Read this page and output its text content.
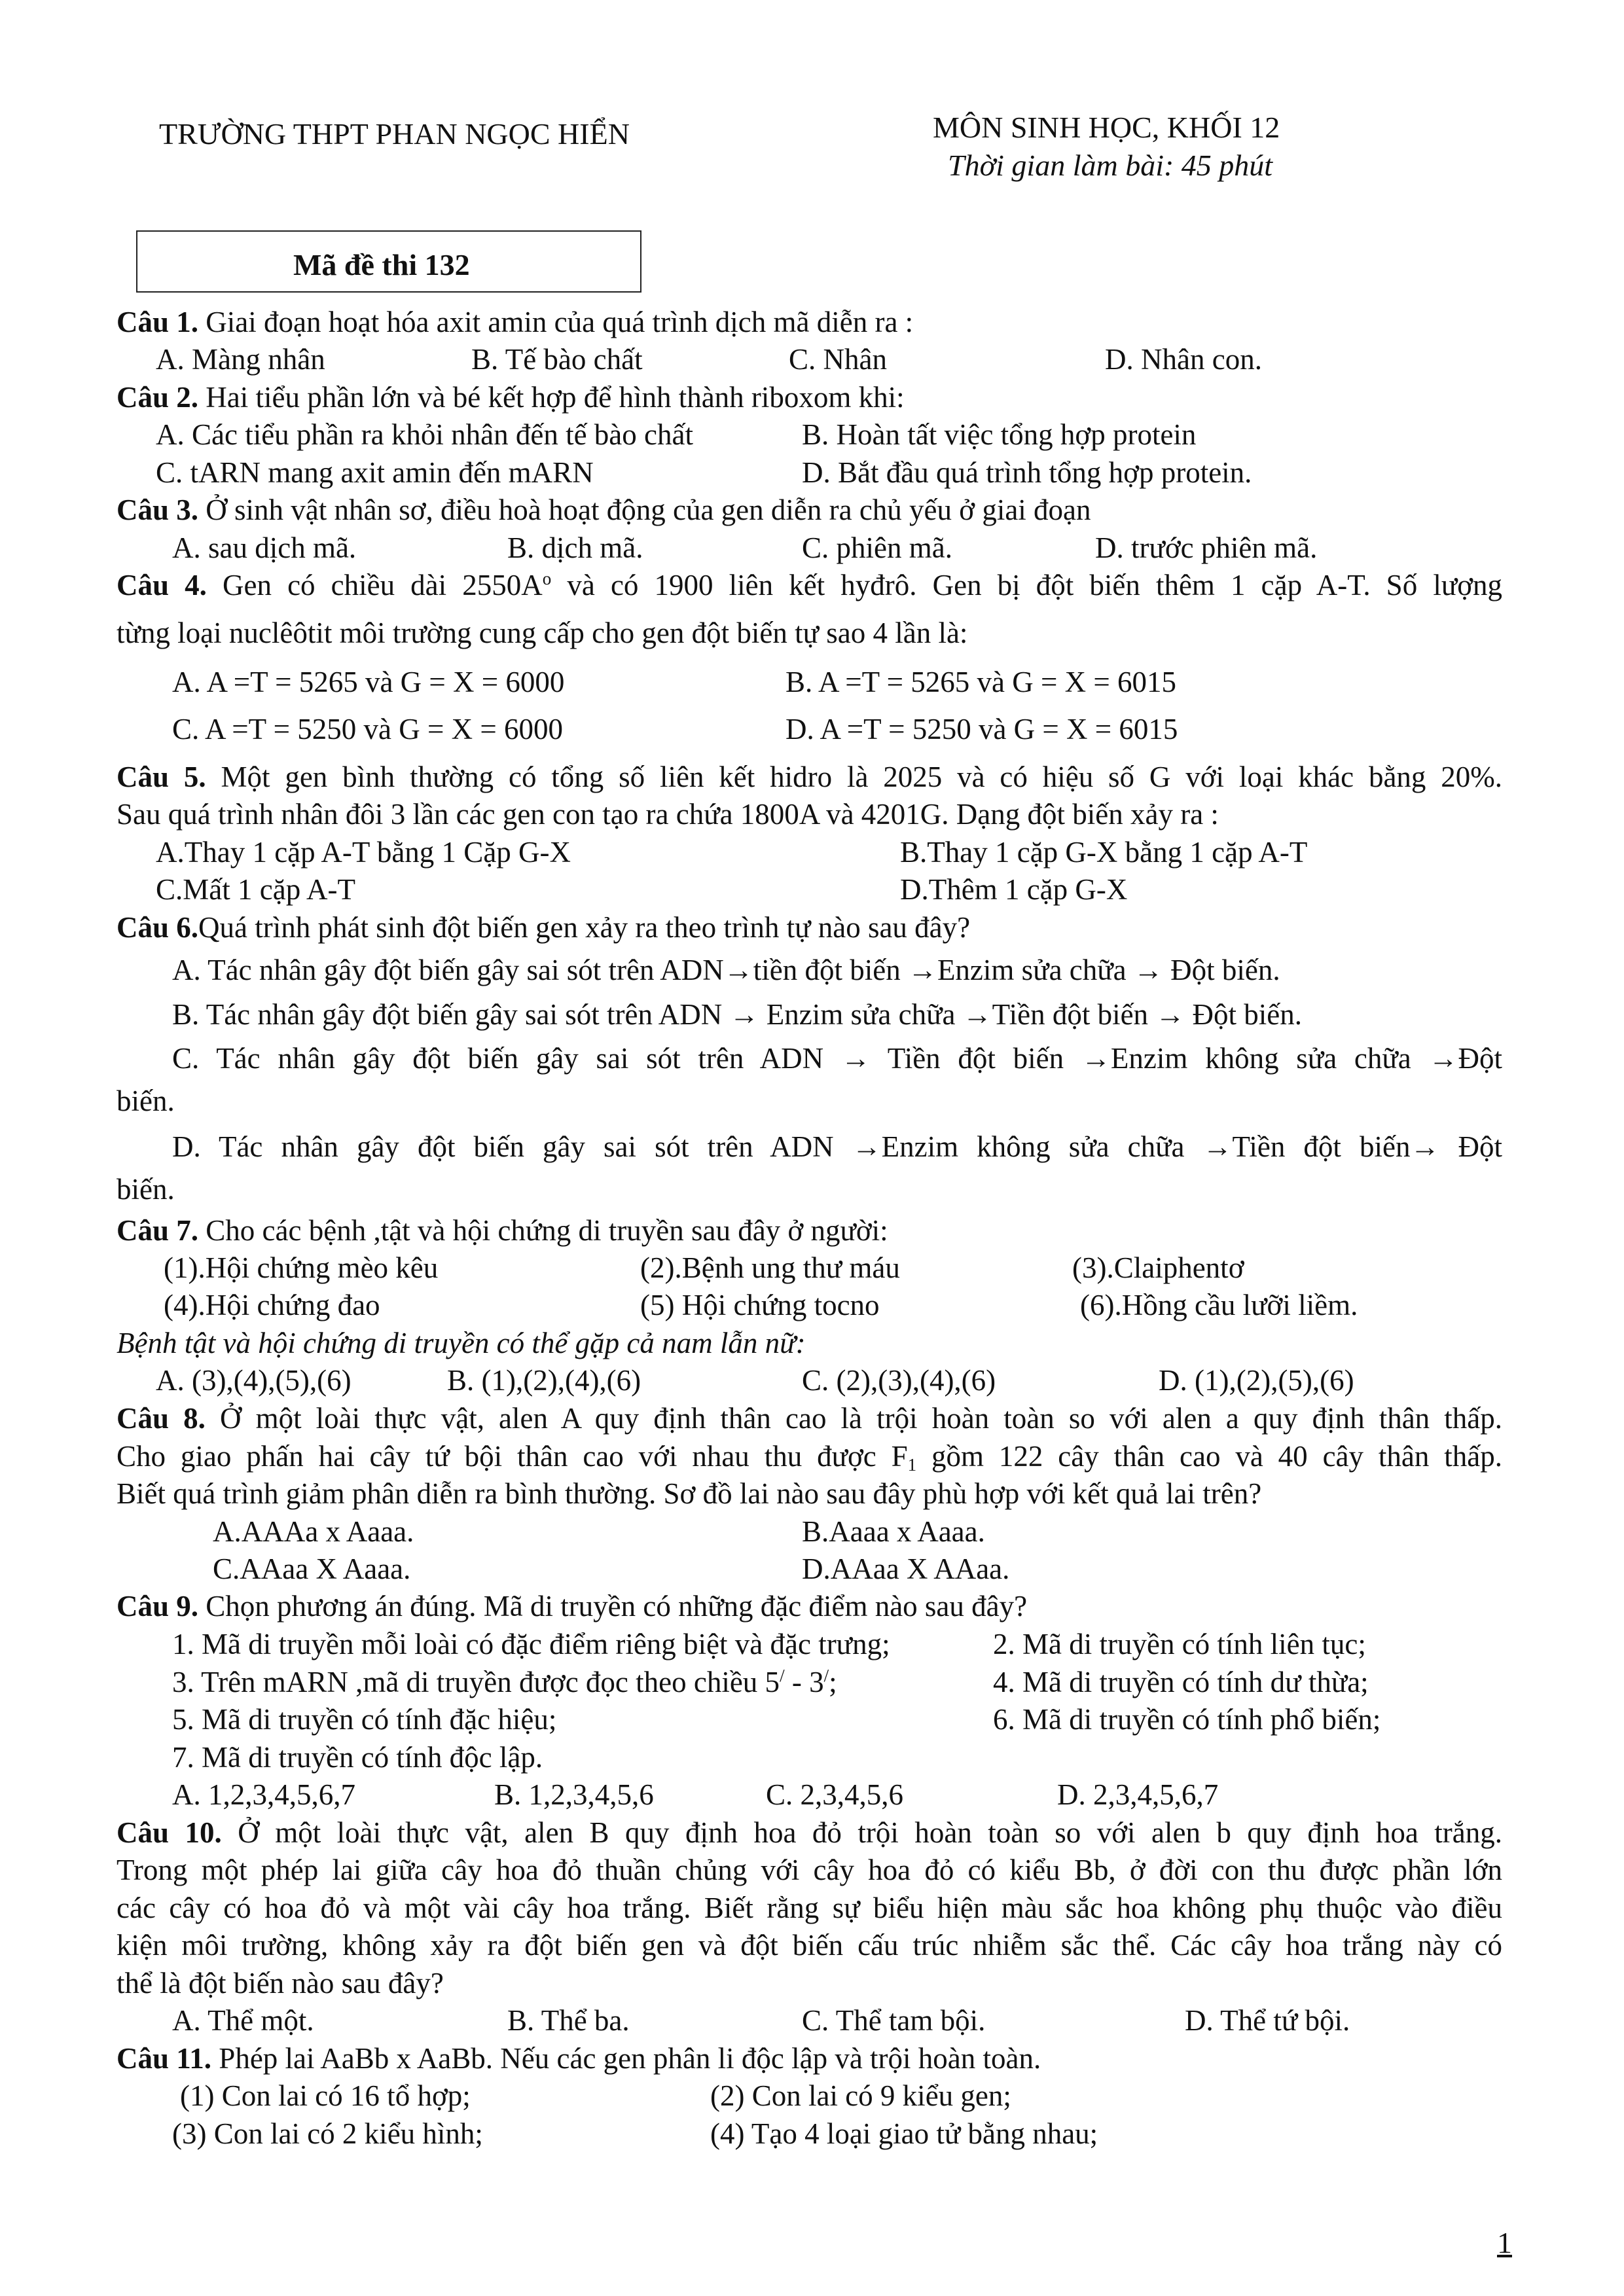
TRƯỜNG THPT PHAN NGỌC HIỂN	MÔN SINH HỌC, KHỐI 12
Thời gian làm bài: 45 phút
Mã đề thi 132
Câu 1. Giai đoạn hoạt hóa axit amin của quá trình dịch mã diễn ra :
A. Màng nhân	B. Tế bào chất	C. Nhân	D. Nhân con.
Câu 2. Hai tiểu phần lớn và bé kết hợp để hình thành riboxom khi:
A. Các tiểu phần ra khỏi nhân đến tế bào chất	B. Hoàn tất việc tổng hợp protein
C. tARN mang axit amin đến mARN	D. Bắt đầu quá trình tổng hợp protein.
Câu 3. Ở sinh vật nhân sơ, điều hoà hoạt động của gen diễn ra chủ yếu ở giai đoạn
A. sau dịch mã.	B. dịch mã.	C. phiên mã.	D. trước phiên mã.
Câu 4. Gen có chiều dài $2550A^o$ và có 1900 liên kết hyđrô. Gen bị đột biến thêm 1 cặp A-T. Số lượng
từng loại nuclêôtit môi trường cung cấp cho gen đột biến tự sao 4 lần là:
A. A =T = 5265 và G = X = 6000	B. A =T = 5265 và G = X = 6015
C. A =T = 5250 và G = X = 6000	D. A =T = 5250 và G = X = 6015
Câu 5. Một gen bình thường có tổng số liên kết hidro là 2025 và có hiệu số G với loại khác bằng 20%.
Sau quá trình nhân đôi 3 lần các gen con tạo ra chứa 1800A và 4201G. Dạng đột biến xảy ra :
A.Thay 1 cặp A-T bằng 1 Cặp G-X	B.Thay 1 cặp G-X bằng 1 cặp A-T
C.Mất 1 cặp A-T	D.Thêm 1 cặp G-X
Câu 6.Quá trình phát sinh đột biến gen xảy ra theo trình tự nào sau đây?
A. Tác nhân gây đột biến gây sai sót trên ADN→tiền đột biến →Enzim sửa chữa → Đột biến.
B. Tác nhân gây đột biến gây sai sót trên ADN → Enzim sửa chữa →Tiền đột biến → Đột biến.
C. Tác nhân gây đột biến gây sai sót trên ADN → Tiền đột biến →Enzim không sửa chữa →Đột
biến.
D. Tác nhân gây đột biến gây sai sót trên ADN →Enzim không sửa chữa →Tiền đột biến→ Đột
biến.
Câu 7. Cho các bệnh ,tật và hội chứng di truyền sau đây ở người:
(1).Hội chứng mèo kêu	(2).Bệnh ung thư máu	(3).Claiphentơ
(4).Hội chứng đao	(5) Hội chứng tocno	(6).Hồng cầu lưỡi liềm.
Bệnh tật và hội chứng di truyền có thể gặp cả nam lẫn nữ:
A. (3),(4),(5),(6)	B. (1),(2),(4),(6)	C. (2),(3),(4),(6)	D. (1),(2),(5),(6)
Câu 8. Ở một loài thực vật, alen A quy định thân cao là trội hoàn toàn so với alen a quy định thân thấp.
Cho giao phấn hai cây tứ bội thân cao với nhau thu được $F_1$ gồm 122 cây thân cao và 40 cây thân thấp.
Biết quá trình giảm phân diễn ra bình thường. Sơ đồ lai nào sau đây phù hợp với kết quả lai trên?
A.AAAa x Aaaa.	B.Aaaa x Aaaa.
C.AAaa X Aaaa.	D.AAaa X AAaa.
Câu 9. Chọn phương án đúng. Mã di truyền có những đặc điểm nào sau đây?
1. Mã di truyền mỗi loài có đặc điểm riêng biệt và đặc trưng;	2. Mã di truyền có tính liên tục;
3. Trên mARN ,mã di truyền được đọc theo chiều 5/ - 3/;	4. Mã di truyền có tính dư thừa;
5. Mã di truyền có tính đặc hiệu;	6. Mã di truyền có tính phổ biến;
7. Mã di truyền có tính độc lập.
A. 1,2,3,4,5,6,7	B. 1,2,3,4,5,6	C. 2,3,4,5,6	D. 2,3,4,5,6,7
Câu 10. Ở một loài thực vật, alen B quy định hoa đỏ trội hoàn toàn so với alen b quy định hoa trắng.
Trong một phép lai giữa cây hoa đỏ thuần chủng với cây hoa đỏ có kiểu Bb, ở đời con thu được phần lớn
các cây có hoa đỏ và một vài cây hoa trắng. Biết rằng sự biểu hiện màu sắc hoa không phụ thuộc vào điều
kiện môi trường, không xảy ra đột biến gen và đột biến cấu trúc nhiễm sắc thể. Các cây hoa trắng này có
thể là đột biến nào sau đây?
A. Thể một.	B. Thể ba.	C. Thể tam bội.	D. Thể tứ bội.
Câu 11. Phép lai AaBb x AaBb. Nếu các gen phân li độc lập và trội hoàn toàn.
(1) Con lai có 16 tổ hợp;	(2) Con lai có 9 kiểu gen;
(3) Con lai có 2 kiểu hình;	(4) Tạo 4 loại giao tử bằng nhau;
1
